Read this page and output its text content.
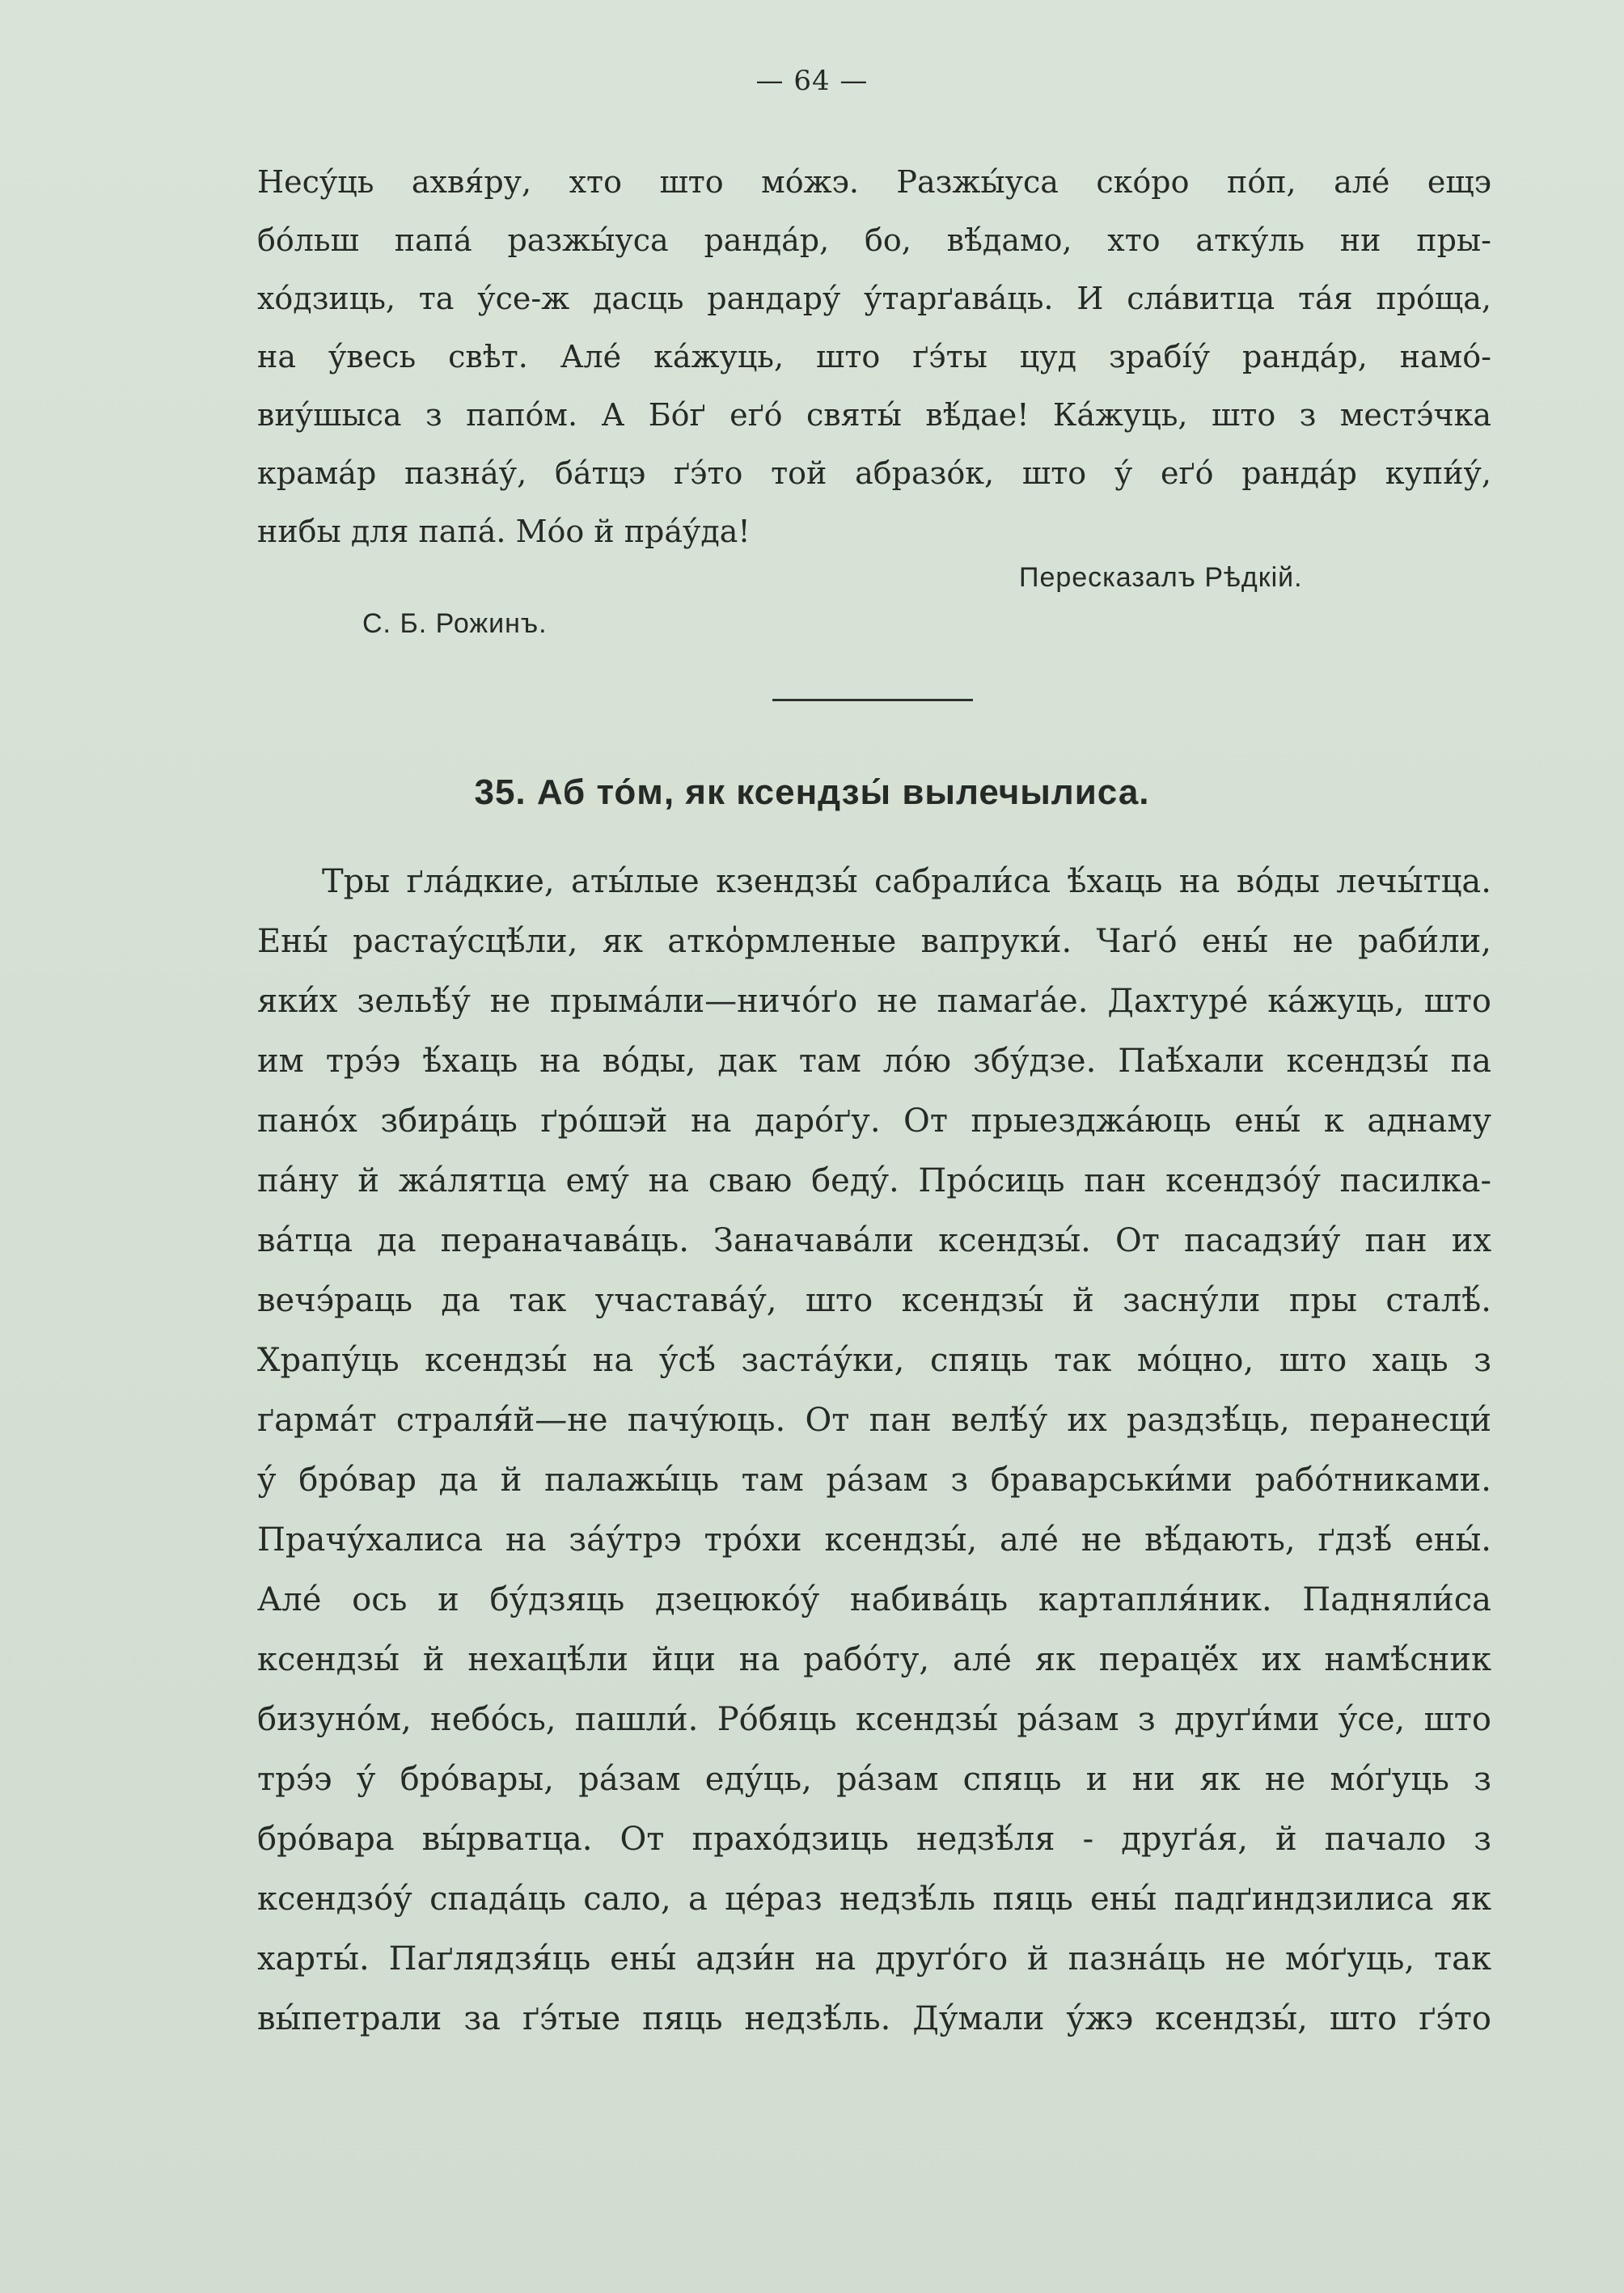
— 64 —
Несу́ць ахвя́ру, хто што мо́жэ. Разжы́уса ско́ро по́п, але́ ещэ
бо́льш папа́ разжы́уса ранда́р, бо, вѣ́дамо, хто атку́ль ни пры-
хо́дзиць, та у́се-ж дасць рандару́ у́тарґава́ць. И сла́витца та́я про́ща,
на у́весь свѣт. Але́ ка́жуць, што ґэ́ты цуд зрабі́у́ ранда́р, намо́-
виу́шыса з папо́м. А Бо́ґ еґо́ святы́ вѣ́дае! Ка́жуць, што з местэ́чка
крама́р пазна́у́, ба́тцэ ґэ́то той абразо́к, што у́ еґо́ ранда́р купи́у́,
нибы для папа́. Мо́о й пра́у́да!
Пересказалъ Рѣдкій.
С. Б. Рожинъ.
35. Аб то́м, як ксендзы́ вылечылиса.
Тры ґла́дкие, аты́лые кзендзы́ сабрали́са ѣ́хаць на во́ды лечы́тца.
Ены́ растау́сцѣ́ли, як аткo̍рмленые вапруки́. Чаґо́ ены́ не раби́ли,
яки́х зельѣ́у́ не прыма́ли—ничо́ґо не памаґа́е. Дахтуре́ ка́жуць, што
им трэ́э ѣ́хаць на во́ды, дак там ло́ю збу́дзе. Паѣ́хали ксендзы́ па
пано́х збира́ць ґро́шэй на даро́ґу. От прыезджа́юць ены́ к аднаму
па́ну й жа́лятца ему́ на сваю беду́. Про́сиць пан ксендзо́у́ пасилка-
ва́тца да пераначава́ць. Заначава́ли ксендзы́. От пасадзи́у́ пан их
вечэ́раць да так участава́у́, што ксендзы́ й засну́ли пры сталѣ́.
Храпу́ць ксендзы́ на у́сѣ́ заста́у́ки, спяць так мо́цно, што хаць з
ґарма́т страля́й—не пачу́юць. От пан велѣ́у́ их раздзѣ́ць, перанесци́
у́ бро́вар да й палажы́ць там ра́зам з браварськи́ми рабо́тниками.
Прачу́халиса на за́у́трэ тро́хи ксендзы́, але́ не вѣ́дають, ґдзѣ́ ены́.
Але́ ось и бу́дзяць дзецюко́у́ набива́ць картапля́ник. Падняли́са
ксендзы́ й нехацѣ́ли йци на рабо́ту, але́ як перацё́х их намѣ́сник
бизуно́м, небо́сь, пашли́. Ро́бяць ксендзы́ ра́зам з друґи́ми у́се, што
трэ́э у́ бро́вары, ра́зам еду́ць, ра́зам спяць и ни як не мо́ґуць з
бро́вара вы́рватца. От прахо́дзиць недзѣ́ля - друґа́я, й пачало з
ксендзо́у́ спада́ць сало, а це́раз недзѣ́ль пяць ены́ падґиндзилиса як
харты́. Паґлядзя́ць ены́ адзи́н на друґо́го й пазна́ць не мо́ґуць, так
вы́петрали за ґэ́тые пяць недзѣ́ль. Ду́мали у́жэ ксендзы́, што ґэ́то
